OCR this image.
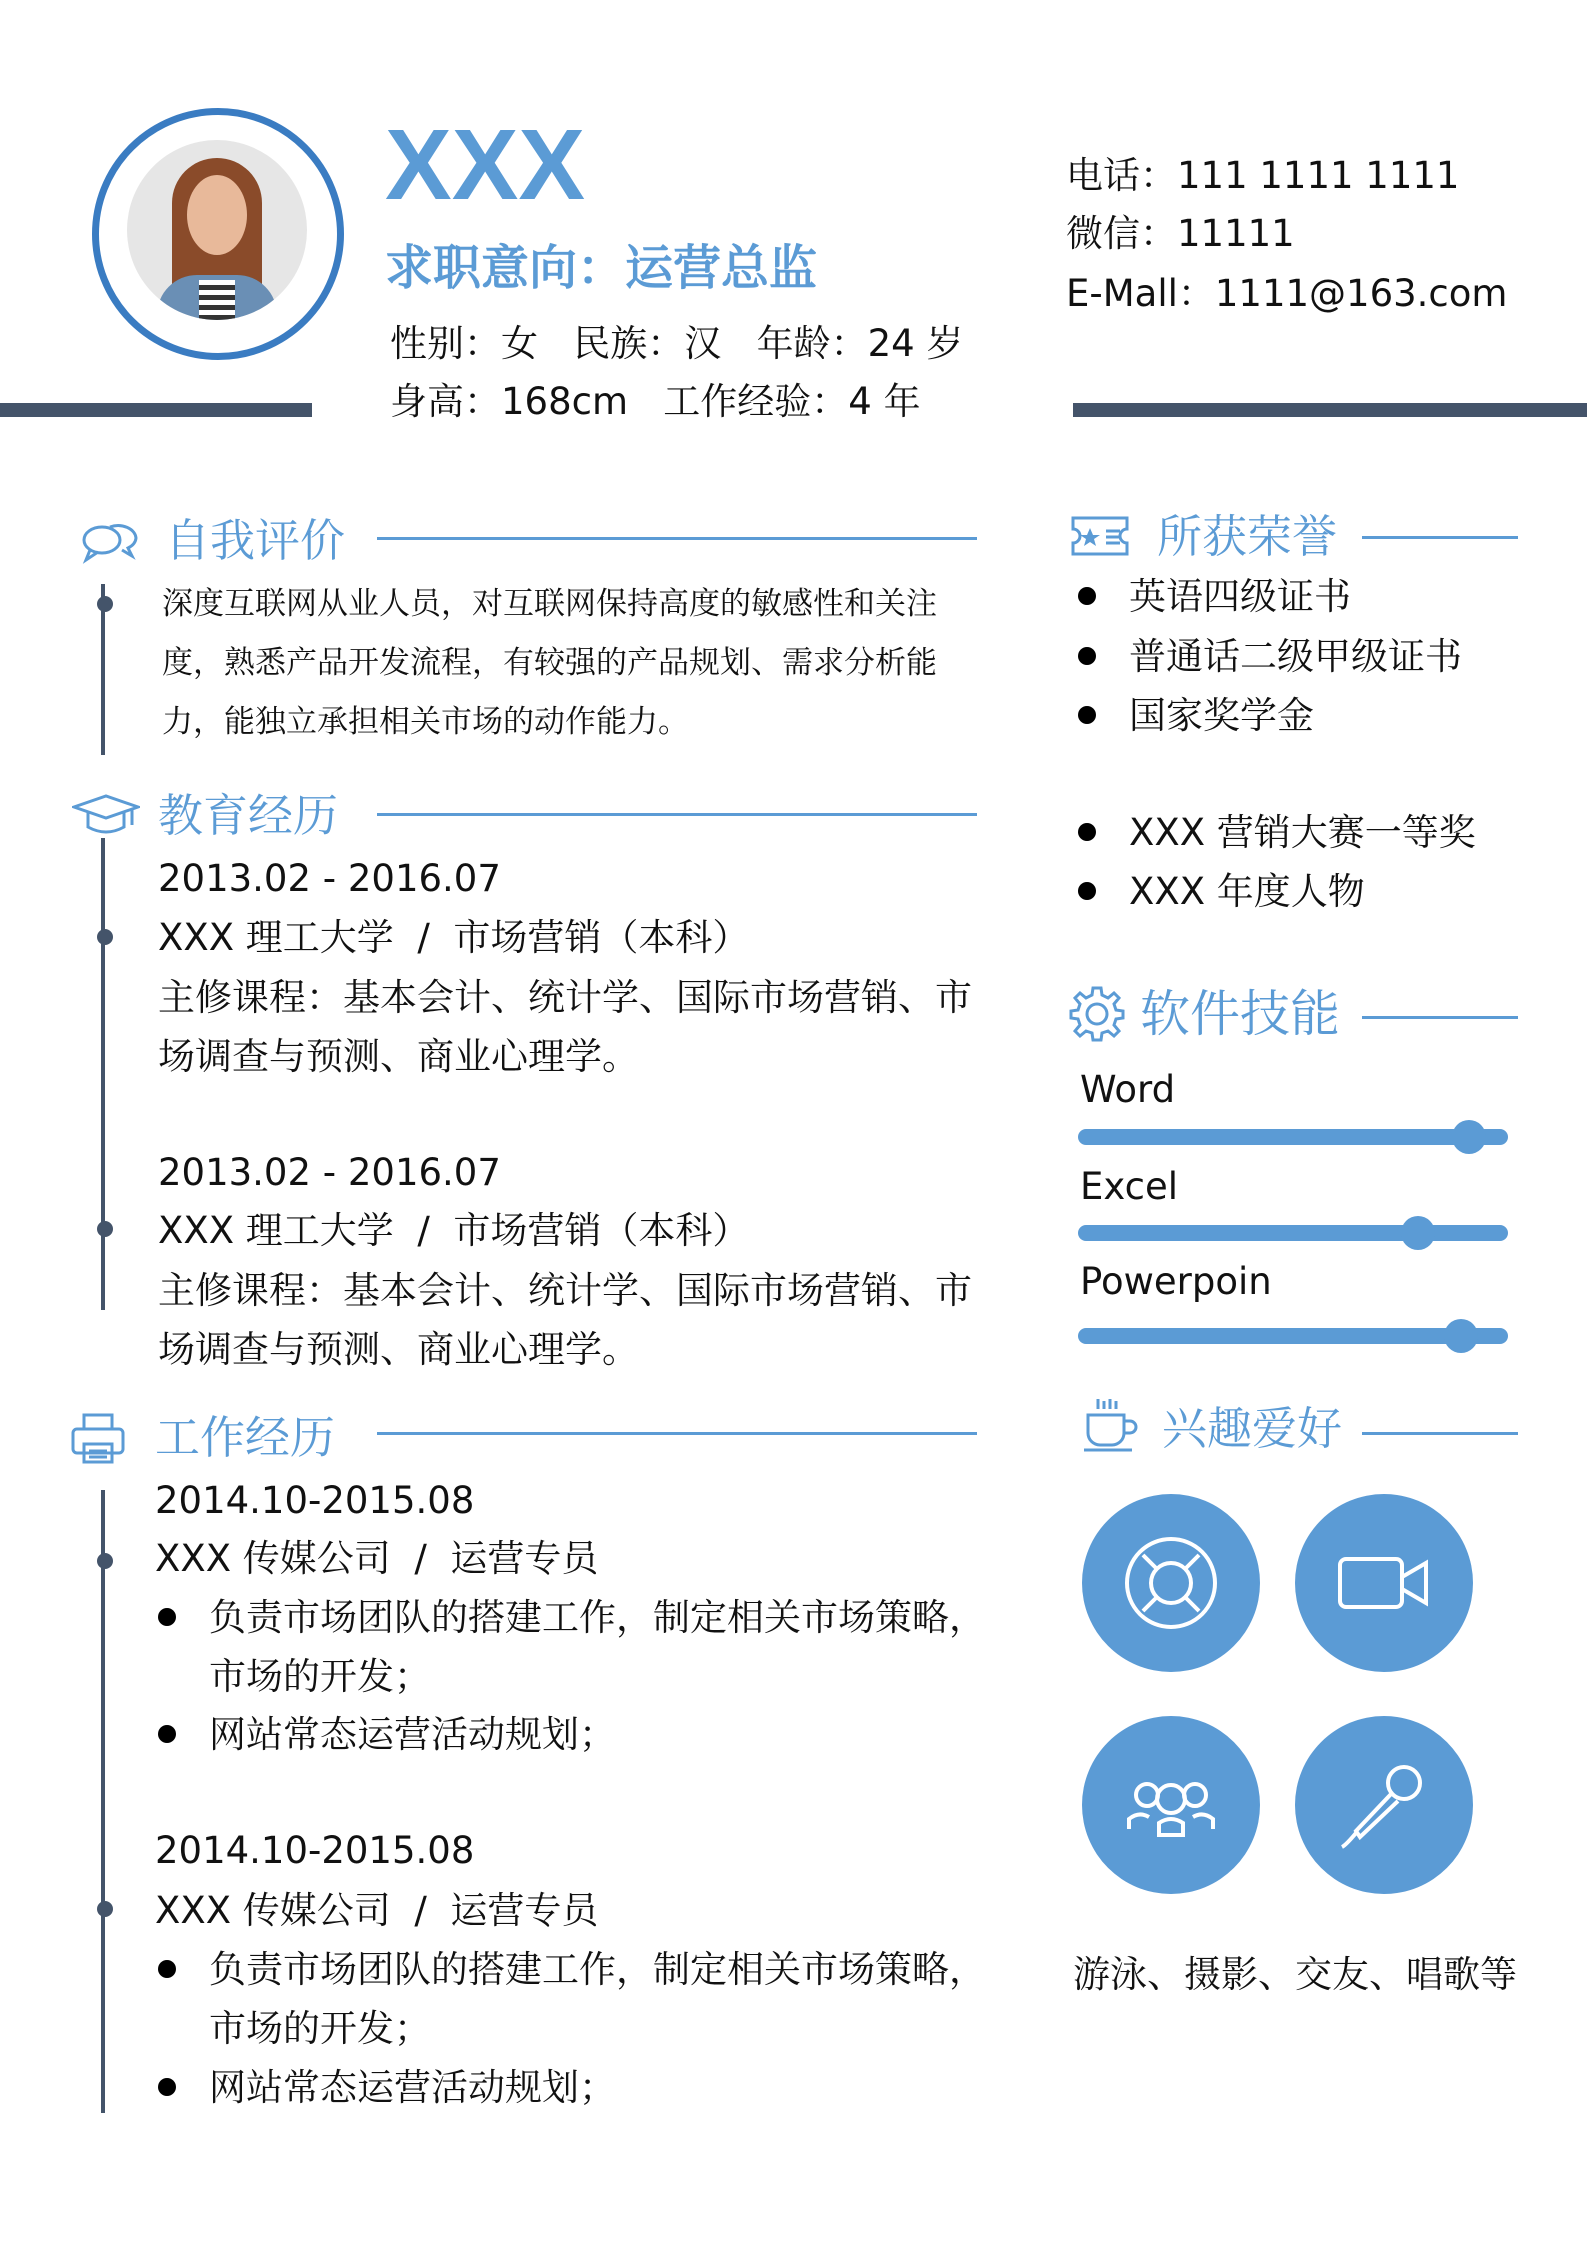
XXX
求职意向：运营总监
性别：女   民族：汉   年龄：24 岁
身高：168cm   工作经验：4 年
电话：111 1111 1111
微信：11111
E-Mall：1111@163.com
自我评价
深度互联网从业人员，对互联网保持高度的敏感性和关注
度，熟悉产品开发流程，有较强的产品规划、需求分析能
力，能独立承担相关市场的动作能力。
教育经历
2013.02 - 2016.07
XXX 理工大学  /  市场营销（本科）
主修课程：基本会计、统计学、国际市场营销、市
场调查与预测、商业心理学。
2013.02 - 2016.07
XXX 理工大学  /  市场营销（本科）
主修课程：基本会计、统计学、国际市场营销、市
场调查与预测、商业心理学。
工作经历
2014.10-2015.08
XXX 传媒公司  /  运营专员
负责市场团队的搭建工作，制定相关市场策略，
市场的开发；
网站常态运营活动规划；
2014.10-2015.08
XXX 传媒公司  /  运营专员
负责市场团队的搭建工作，制定相关市场策略，
市场的开发；
网站常态运营活动规划；
所获荣誉
英语四级证书
普通话二级甲级证书
国家奖学金
XXX 营销大赛一等奖
XXX 年度人物
软件技能
Word
Excel
Powerpoin
兴趣爱好
游泳、摄影、交友、唱歌等
